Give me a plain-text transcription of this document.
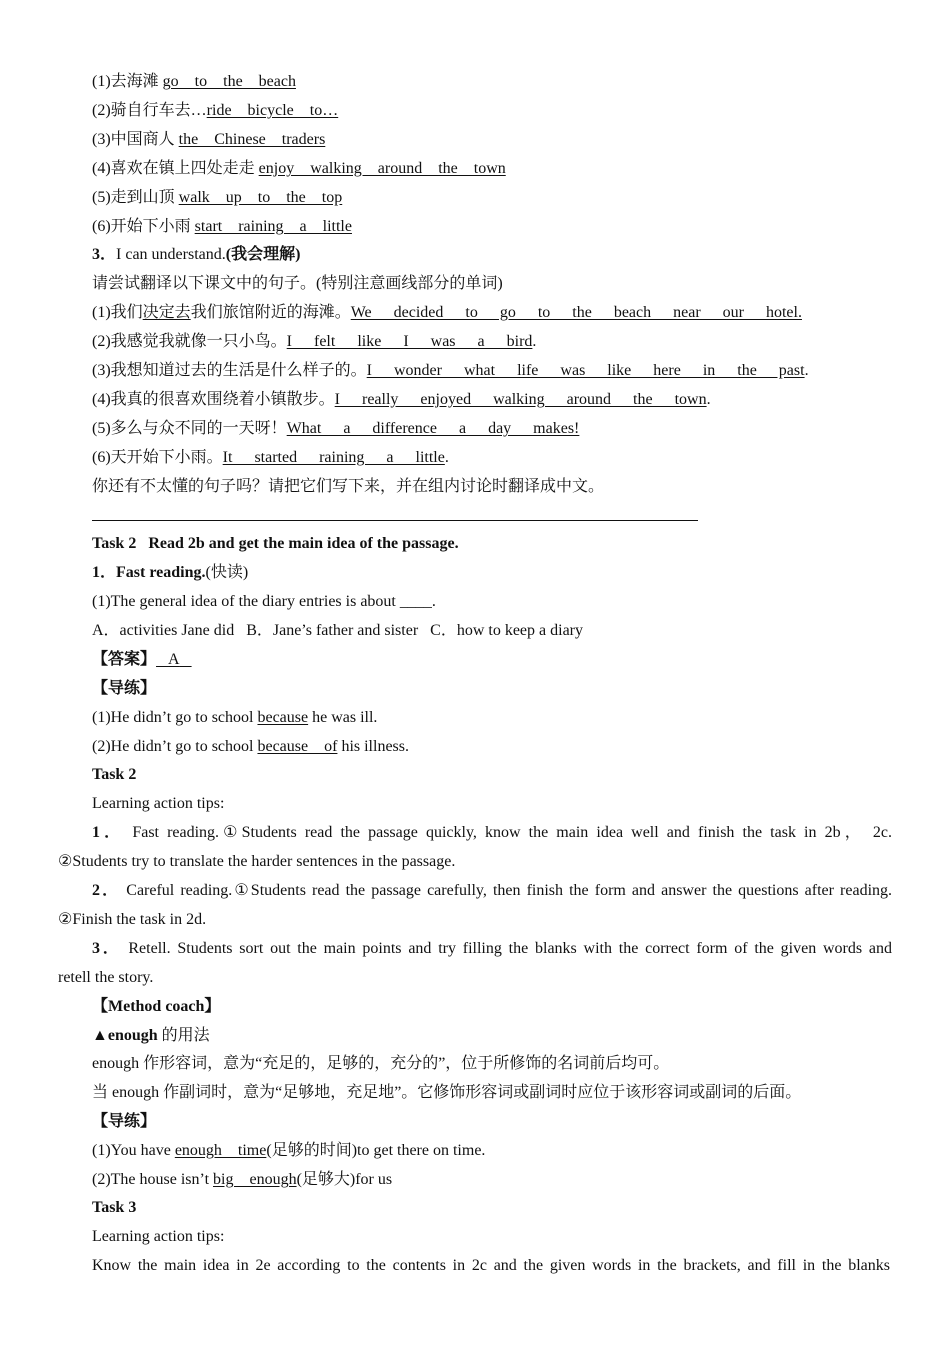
(1)去海滩 go to the beach
(2)骑自行车去…ride bicycle to…
(3)中国商人 the Chinese traders
(4)喜欢在镇上四处走走 enjoy walking around the town
(5)走到山顶 walk up to the top
(6)开始下小雨 start raining a little
3．I can understand.(我会理解)
请尝试翻译以下课文中的句子。(特别注意画线部分的单词)
(1)我们决定去我们旅馆附近的海滩。We decided to go to the beach near our hotel.
(2)我感觉我就像一只小鸟。I felt like I was a bird.
(3)我想知道过去的生活是什么样子的。I wonder what life was like here in the past.
(4)我真的很喜欢围绕着小镇散步。I really enjoyed walking around the town.
(5)多么与众不同的一天呀！What a difference a day makes!
(6)天开始下小雨。It started raining a little.
你还有不太懂的句子吗？请把它们写下来，并在组内讨论时翻译成中文。
Task 2   Read 2b and get the main idea of the passage.
1．Fast reading.(快读)
(1)The general idea of the diary entries is about ____.
A．activities Jane did   B．Jane’s father and sister   C．how to keep a diary
【答案】 A
【导练】
(1)He didn’t go to school because he was ill.
(2)He didn’t go to school because of his illness.
Task 2
Learning action tips:
1． Fast reading.①Students read the passage quickly, know the main idea well and finish the task in 2b， 2c.
②Students try to translate the harder sentences in the passage.
2． Careful reading.①Students read the passage carefully, then finish the form and answer the questions after reading.
②Finish the task in 2d.
3． Retell. Students sort out the main points and try filling the blanks with the correct form of the given words and
retell the story.
【Method coach】
▲enough 的用法
enough 作形容词，意为“充足的，足够的，充分的”，位于所修饰的名词前后均可。
当 enough 作副词时，意为“足够地，充足地”。它修饰形容词或副词时应位于该形容词或副词的后面。
【导练】
(1)You have enough time(足够的时间)to get there on time.
(2)The house isn’t big enough(足够大)for us
Task 3
Learning action tips:
Know the main idea in 2e according to the contents in 2c and the given words in the brackets, and fill in the blanks
